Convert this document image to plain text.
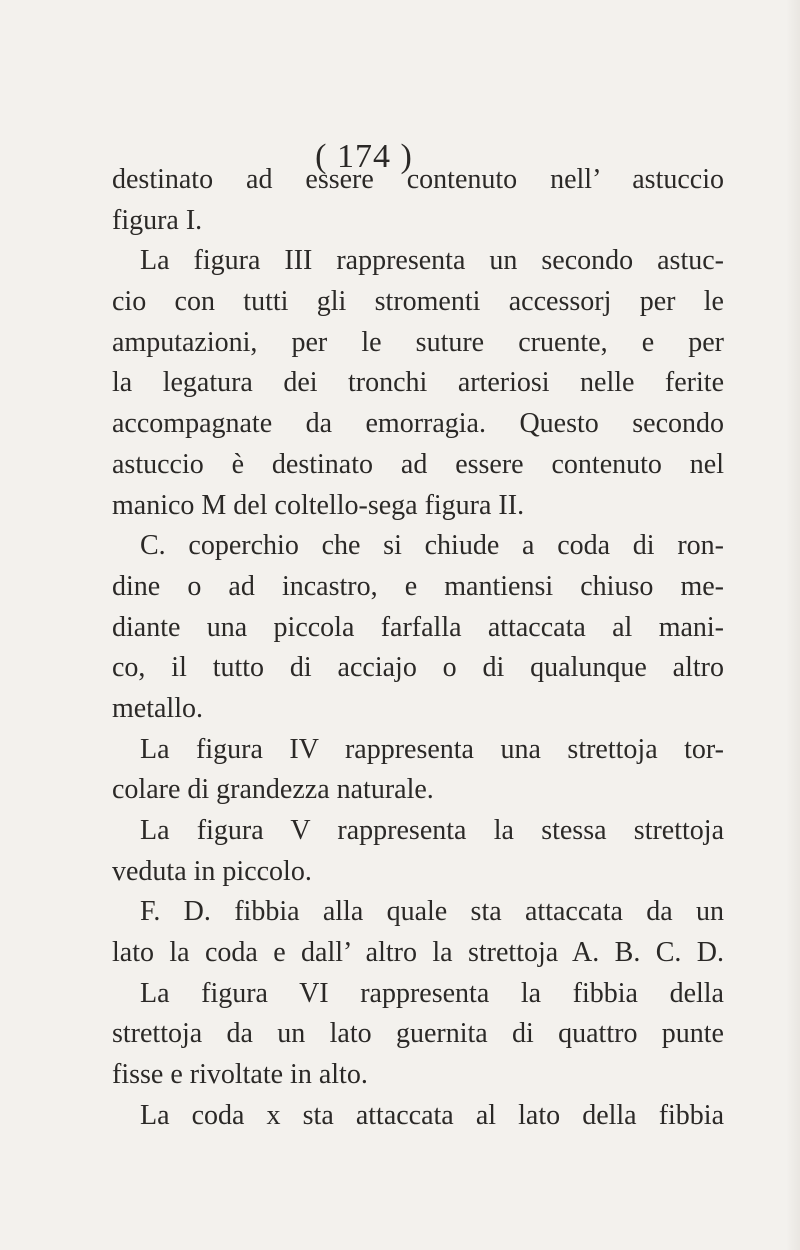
( 174 )
destinato ad essere contenuto nell’ astuccio
figura I.
La figura III rappresenta un secondo astuc-
cio con tutti gli stromenti accessorj per le
amputazioni, per le suture cruente, e per
la legatura dei tronchi arteriosi nelle ferite
accompagnate da emorragia. Questo secondo
astuccio è destinato ad essere contenuto nel
manico M del coltello-sega figura II.
C. coperchio che si chiude a coda di ron-
dine o ad incastro, e mantiensi chiuso me-
diante una piccola farfalla attaccata al mani-
co, il tutto di acciajo o di qualunque altro
metallo.
La figura IV rappresenta una strettoja tor-
colare di grandezza naturale.
La figura V rappresenta la stessa strettoja
veduta in piccolo.
F. D. fibbia alla quale sta attaccata da un
lato la coda e dall’ altro la strettoja A. B. C. D.
La figura VI rappresenta la fibbia della
strettoja da un lato guernita di quattro punte
fisse e rivoltate in alto.
La coda x sta attaccata al lato della fibbia
